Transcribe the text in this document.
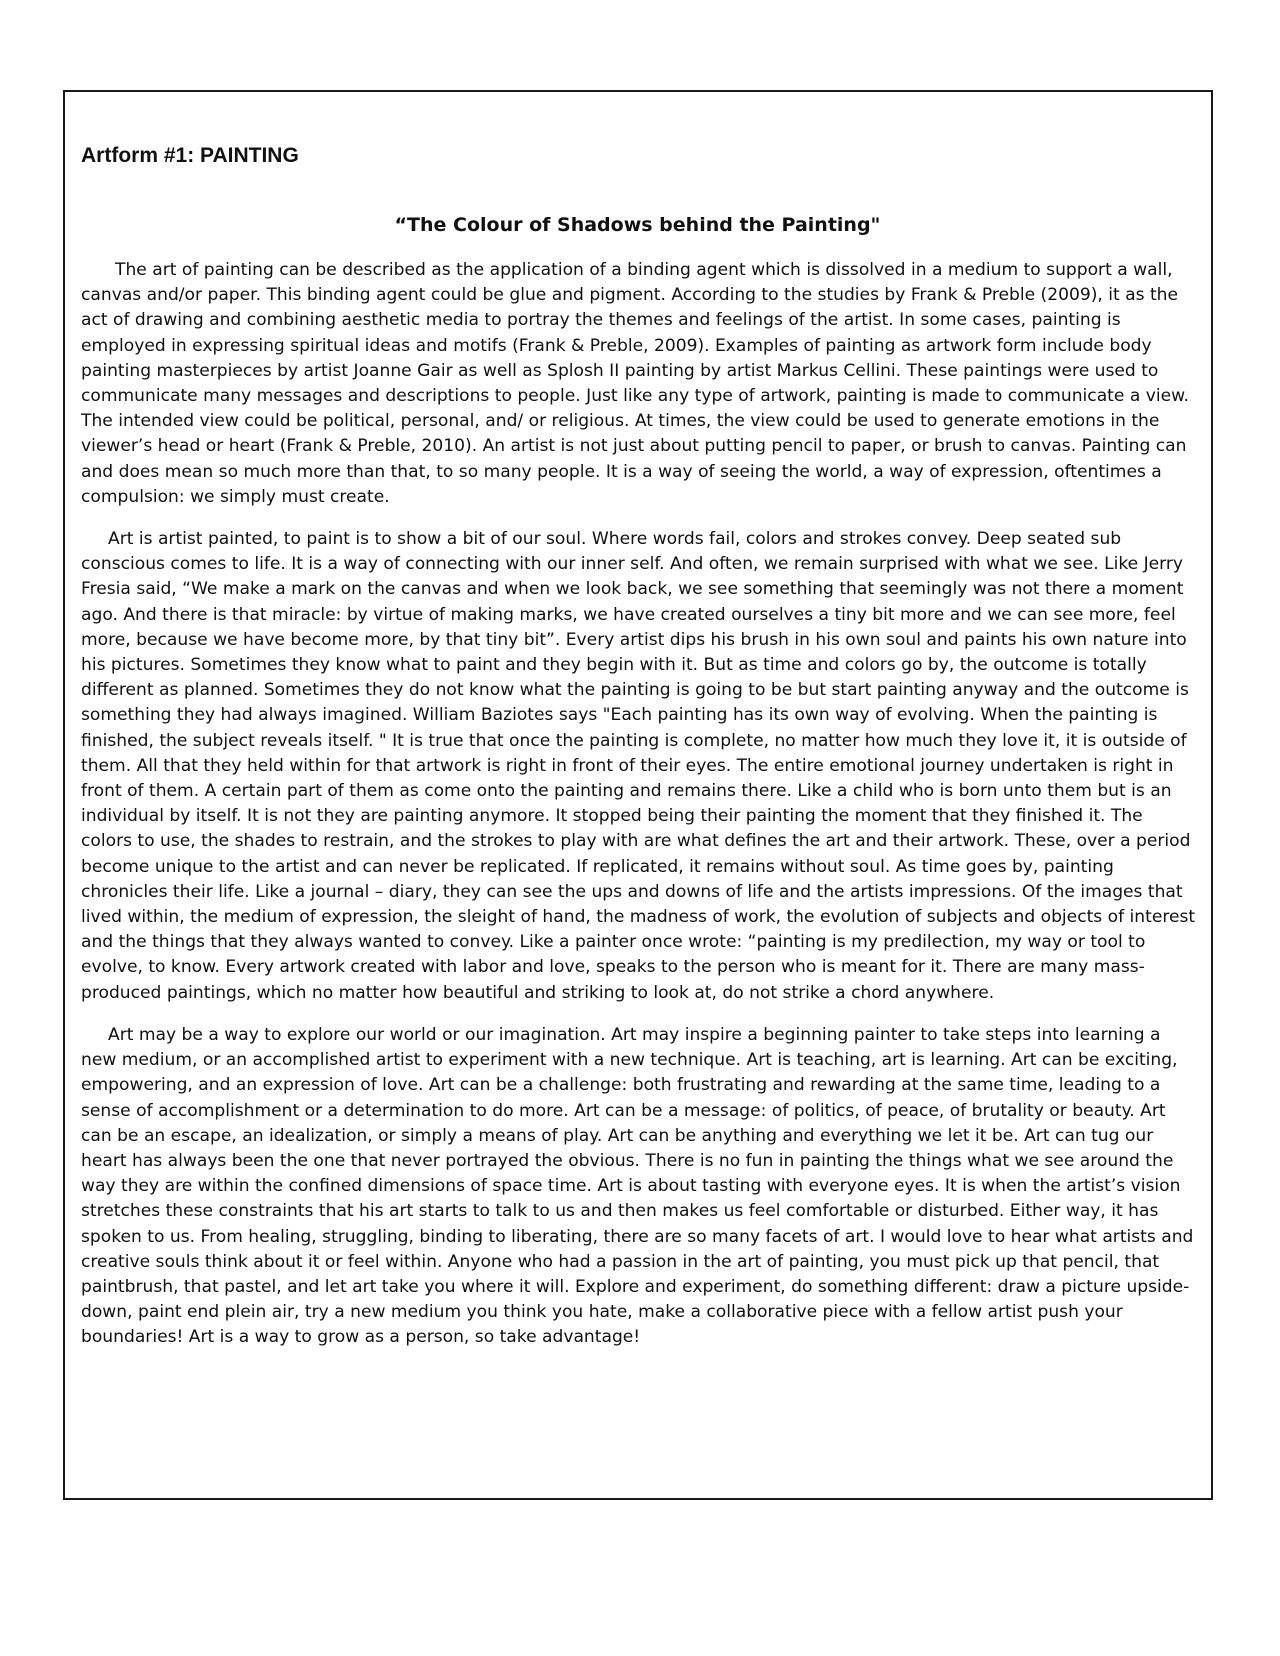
Artform #1: PAINTING
“The Colour of Shadows behind the Painting"

The art of painting can be described as the application of a binding agent which is dissolved in a medium to support a wall, canvas and/or paper. This binding agent could be glue and pigment. According to the studies by Frank & Preble (2009), it as the act of drawing and combining aesthetic media to portray the themes and feelings of the artist. In some cases, painting is employed in expressing spiritual ideas and motifs (Frank & Preble, 2009). Examples of painting as artwork form include body painting masterpieces by artist Joanne Gair as well as Splosh II painting by artist Markus Cellini. These paintings were used to communicate many messages and descriptions to people. Just like any type of artwork, painting is made to communicate a view. The intended view could be political, personal, and/ or religious. At times, the view could be used to generate emotions in the viewer’s head or heart (Frank & Preble, 2010). An artist is not just about putting pencil to paper, or brush to canvas. Painting can and does mean so much more than that, to so many people. It is a way of seeing the world, a way of expression, oftentimes a compulsion: we simply must create.

Art is artist painted, to paint is to show a bit of our soul. Where words fail, colors and strokes convey. Deep seated sub conscious comes to life. It is a way of connecting with our inner self. And often, we remain surprised with what we see. Like Jerry Fresia said, “We make a mark on the canvas and when we look back, we see something that seemingly was not there a moment ago. And there is that miracle: by virtue of making marks, we have created ourselves a tiny bit more and we can see more, feel more, because we have become more, by that tiny bit”. Every artist dips his brush in his own soul and paints his own nature into his pictures. Sometimes they know what to paint and they begin with it. But as time and colors go by, the outcome is totally different as planned. Sometimes they do not know what the painting is going to be but start painting anyway and the outcome is something they had always imagined. William Baziotes says "Each painting has its own way of evolving. When the painting is finished, the subject reveals itself. " It is true that once the painting is complete, no matter how much they love it, it is outside of them. All that they held within for that artwork is right in front of their eyes. The entire emotional journey undertaken is right in front of them. A certain part of them as come onto the painting and remains there. Like a child who is born unto them but is an individual by itself. It is not they are painting anymore. It stopped being their painting the moment that they finished it. The colors to use, the shades to restrain, and the strokes to play with are what defines the art and their artwork. These, over a period become unique to the artist and can never be replicated. If replicated, it remains without soul. As time goes by, painting chronicles their life. Like a journal – diary, they can see the ups and downs of life and the artists impressions. Of the images that lived within, the medium of expression, the sleight of hand, the madness of work, the evolution of subjects and objects of interest and the things that they always wanted to convey. Like a painter once wrote: “painting is my predilection, my way or tool to evolve, to know. Every artwork created with labor and love, speaks to the person who is meant for it. There are many mass-produced paintings, which no matter how beautiful and striking to look at, do not strike a chord anywhere.

Art may be a way to explore our world or our imagination. Art may inspire a beginning painter to take steps into learning a new medium, or an accomplished artist to experiment with a new technique. Art is teaching, art is learning. Art can be exciting, empowering, and an expression of love. Art can be a challenge: both frustrating and rewarding at the same time, leading to a sense of accomplishment or a determination to do more. Art can be a message: of politics, of peace, of brutality or beauty. Art can be an escape, an idealization, or simply a means of play. Art can be anything and everything we let it be. Art can tug our heart has always been the one that never portrayed the obvious. There is no fun in painting the things what we see around the way they are within the confined dimensions of space time. Art is about tasting with everyone eyes. It is when the artist’s vision stretches these constraints that his art starts to talk to us and then makes us feel comfortable or disturbed. Either way, it has spoken to us. From healing, struggling, binding to liberating, there are so many facets of art. I would love to hear what artists and creative souls think about it or feel within. Anyone who had a passion in the art of painting, you must pick up that pencil, that paintbrush, that pastel, and let art take you where it will. Explore and experiment, do something different: draw a picture upside-down, paint end plein air, try a new medium you think you hate, make a collaborative piece with a fellow artist push your boundaries! Art is a way to grow as a person, so take advantage!
